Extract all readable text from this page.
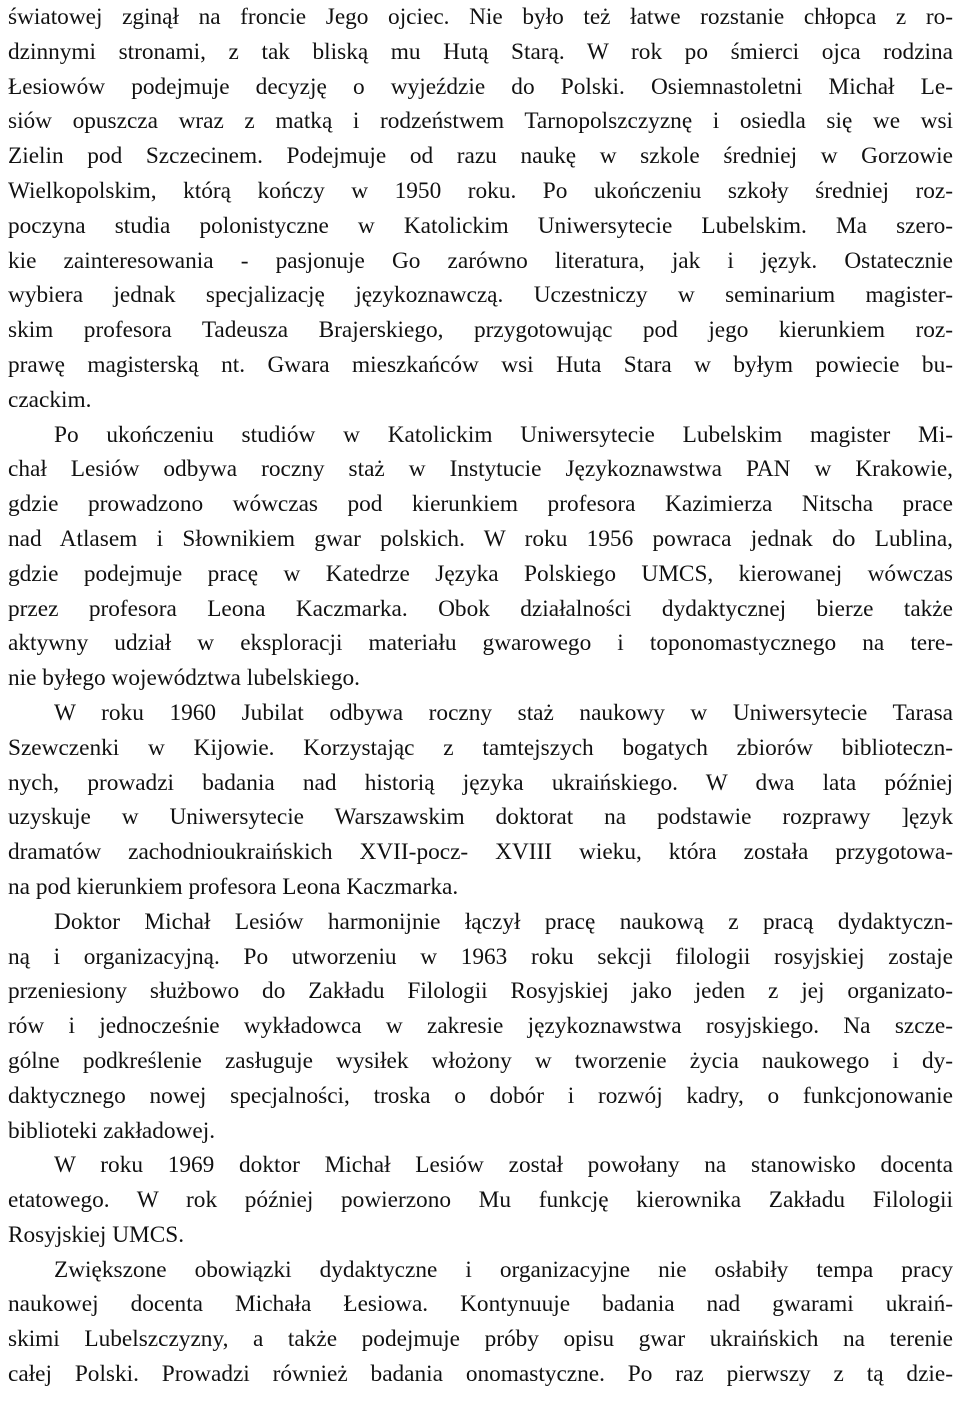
światowej zginął na froncie Jego ojciec. Nie było też łatwe rozstanie chłopca z ro-
dzinnymi stronami, z tak bliską mu Hutą Starą. W rok po śmierci ojca rodzina
Łesiowów podejmuje decyzję o wyjeździe do Polski. Osiemnastoletni Michał Le-
siów opuszcza wraz z matką i rodzeństwem Tarnopolszczyznę i osiedla się we wsi
Zielin pod Szczecinem. Podejmuje od razu naukę w szkole średniej w Gorzowie
Wielkopolskim, którą kończy w 1950 roku. Po ukończeniu szkoły średniej roz-
poczyna studia polonistyczne w Katolickim Uniwersytecie Lubelskim. Ma szero-
kie zainteresowania - pasjonuje Go zarówno literatura, jak i język. Ostatecznie
wybiera jednak specjalizację językoznawczą. Uczestniczy w seminarium magister-
skim profesora Tadeusza Brajerskiego, przygotowując pod jego kierunkiem roz-
prawę magisterską nt. Gwara mieszkańców wsi Huta Stara w byłym powiecie bu-
czackim.
Po ukończeniu studiów w Katolickim Uniwersytecie Lubelskim magister Mi-
chał Lesiów odbywa roczny staż w Instytucie Językoznawstwa PAN w Krakowie,
gdzie prowadzono wówczas pod kierunkiem profesora Kazimierza Nitscha prace
nad Atlasem i Słownikiem gwar polskich. W roku 1956 powraca jednak do Lublina,
gdzie podejmuje pracę w Katedrze Języka Polskiego UMCS, kierowanej wówczas
przez profesora Leona Kaczmarka. Obok działalności dydaktycznej bierze także
aktywny udział w eksploracji materiału gwarowego i toponomastycznego na tere-
nie byłego województwa lubelskiego.
W roku 1960 Jubilat odbywa roczny staż naukowy w Uniwersytecie Tarasa
Szewczenki w Kijowie. Korzystając z tamtejszych bogatych zbiorów biblioteczn-
nych, prowadzi badania nad historią języka ukraińskiego. W dwa lata później
uzyskuje w Uniwersytecie Warszawskim doktorat na podstawie rozprawy ]ęzyk
dramatów zachodnioukraińskich XVII-pocz- XVIII wieku, która została przygotowa-
na pod kierunkiem profesora Leona Kaczmarka.
Doktor Michał Lesiów harmonijnie łączył pracę naukową z pracą dydaktyczn-
ną i organizacyjną. Po utworzeniu w 1963 roku sekcji filologii rosyjskiej zostaje
przeniesiony służbowo do Zakładu Filologii Rosyjskiej jako jeden z jej organizato-
rów i jednocześnie wykładowca w zakresie językoznawstwa rosyjskiego. Na szcze-
gólne podkreślenie zasługuje wysiłek włożony w tworzenie życia naukowego i dy-
daktycznego nowej specjalności, troska o dobór i rozwój kadry, o funkcjonowanie
biblioteki zakładowej.
W roku 1969 doktor Michał Lesiów został powołany na stanowisko docenta
etatowego. W rok później powierzono Mu funkcję kierownika Zakładu Filologii
Rosyjskiej UMCS.
Zwiększone obowiązki dydaktyczne i organizacyjne nie osłabiły tempa pracy
naukowej docenta Michała Łesiowa. Kontynuuje badania nad gwarami ukraiń-
skimi Lubelszczyzny, a także podejmuje próby opisu gwar ukraińskich na terenie
całej Polski. Prowadzi również badania onomastyczne. Po raz pierwszy z tą dzie-
